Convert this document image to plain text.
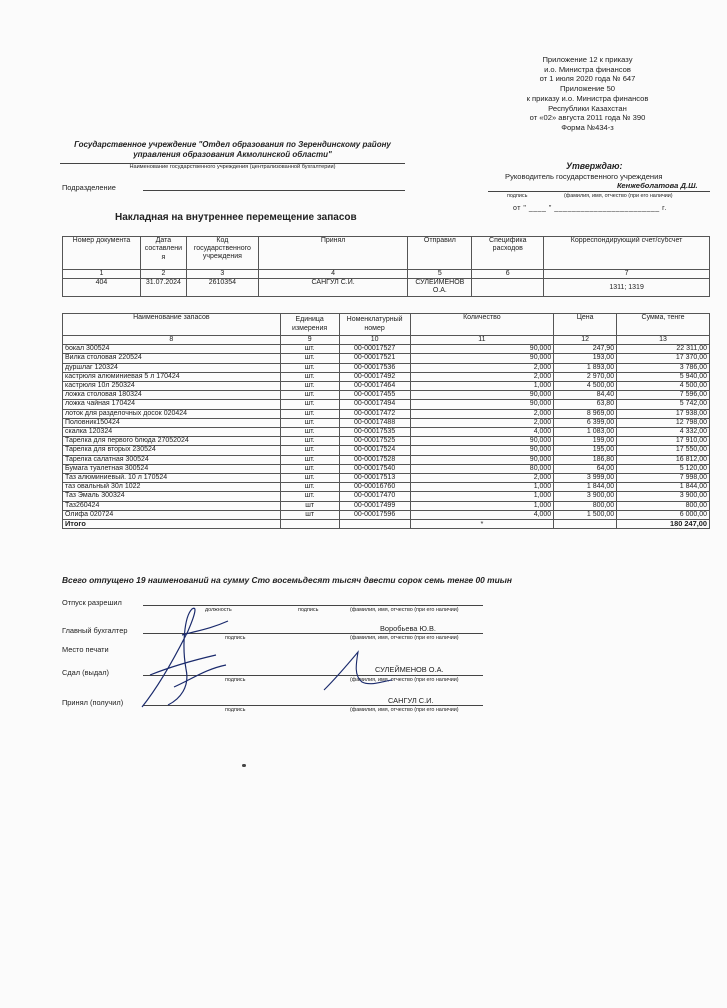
Приложение 12 к приказу
и.о. Министра финансов
от 1 июля 2020 года № 647
Приложение 50
к приказу и.о. Министра финансов
Республики Казахстан
от «02» августа 2011 года № 390
Форма №434-з
Государственное учреждение "Отдел образования по Зерендинскому району
управления образования Акмолинской области"
Наименование государственного учреждения (централизованной бухгалтерии)
Подразделение
Утверждаю:
Руководитель государственного учреждения
Кенжеболатова Д.Ш.
подпись	(фамилия, имя, отчество (при его наличии)
от " ____ " ________________________ г.
Накладная на внутреннее перемещение запасов
Номер документа	Дата составлени я	Код государственного учреждения	Принял	Отправил	Специфика расходов	Корреспондирующий счет/субсчет
1	2	3	4	5	6	7
404	31.07.2024	2610354	САНГУЛ С.И.	СУЛЕЙМЕНОВ О.А.		1311; 1319
Наименование запасов	Единица измерения	Номенклатурный номер	Количество	Цена	Сумма, тенге
8	9	10	11	12	13
бокал 300524	шт.	00-00017527	90,000	247,90	22 311,00
Вилка столовая 220524	шт.	00-00017521	90,000	193,00	17 370,00
дуршлаг 120324	шт.	00-00017536	2,000	1 893,00	3 786,00
кастрюля алюминиевая 5 л 170424	шт.	00-00017492	2,000	2 970,00	5 940,00
кастрюля 10л 250324	шт.	00-00017464	1,000	4 500,00	4 500,00
ложка столовая 180324	шт.	00-00017455	90,000	84,40	7 596,00
ложка чайная 170424	шт.	00-00017494	90,000	63,80	5 742,00
лоток для разделочных досок 020424	шт.	00-00017472	2,000	8 969,00	17 938,00
Половник150424	шт.	00-00017488	2,000	6 399,00	12 798,00
скалка 120324	шт.	00-00017535	4,000	1 083,00	4 332,00
Тарелка для первого блюда 27052024	шт.	00-00017525	90,000	199,00	17 910,00
Тарелка для вторых 230524	шт.	00-00017524	90,000	195,00	17 550,00
Тарелка салатная 300524	шт.	00-00017528	90,000	186,80	16 812,00
Бумага туалетная 300524	шт.	00-00017540	80,000	64,00	5 120,00
Таз алюминиевый. 10 л 170524	шт.	00-00017513	2,000	3 999,00	7 998,00
таз овальный 30л 1022	шт.	00-00016760	1,000	1 844,00	1 844,00
Таз Эмаль 300324	шт.	00-00017470	1,000	3 900,00	3 900,00
Таз260424	шт	00-00017499	1,000	800,00	800,00
Олифа 020724	шт	00-00017596	4,000	1 500,00	6 000,00
Итого			*		180 247,00
Всего отпущено 19 наименований на сумму Сто восемьдесят тысяч двести сорок семь тенге 00 тиын
Отпуск разрешил
должность	подпись	(фамилия, имя, отчество (при его наличии)
Главный бухгалтер	Воробьева Ю.В.
подпись	(фамилия, имя, отчество (при его наличии)
Место печати
Сдал (выдал)	СУЛЕЙМЕНОВ О.А.
подпись	(фамилия, имя, отчество (при его наличии)
Принял (получил)	САНГУЛ С.И.
подпись	(фамилия, имя, отчество (при его наличии)
